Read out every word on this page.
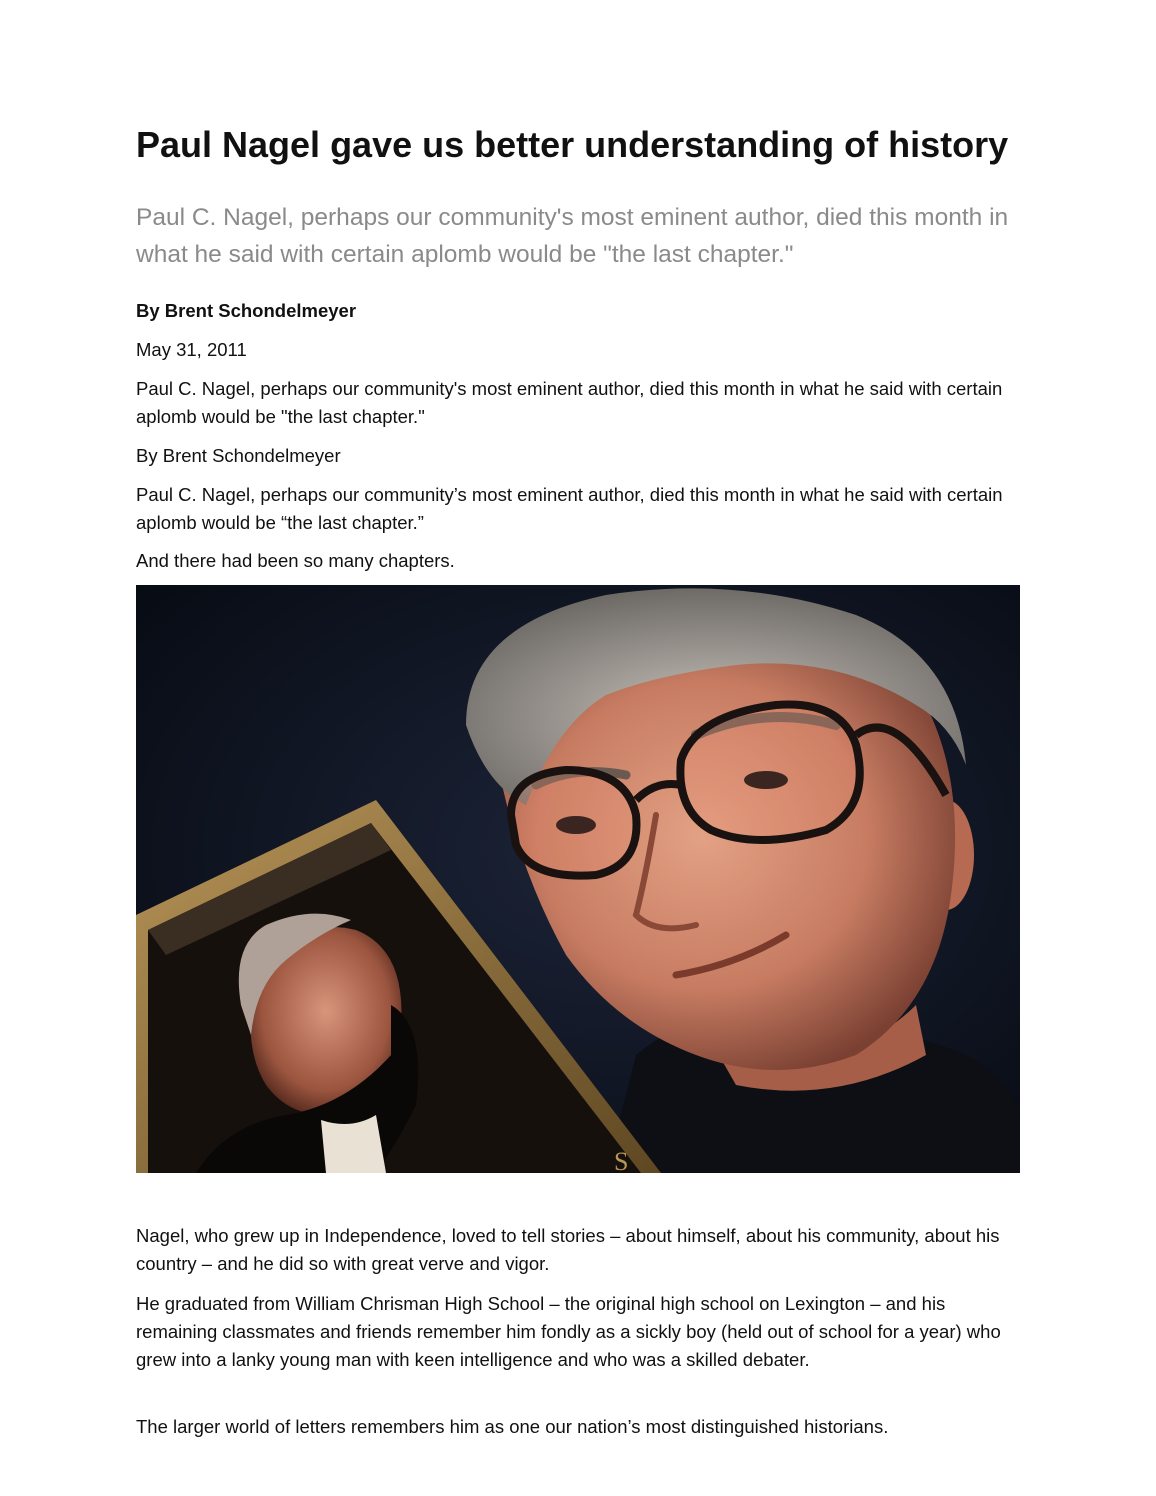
Paul Nagel gave us better understanding of history

Paul C. Nagel, perhaps our community's most eminent author, died this month in what he said with certain aplomb would be "the last chapter."

By Brent Schondelmeyer

May 31, 2011

Paul C. Nagel, perhaps our community's most eminent author, died this month in what he said with certain aplomb would be "the last chapter."

By Brent Schondelmeyer

Paul C. Nagel, perhaps our community’s most eminent author, died this month in what he said with certain aplomb would be “the last chapter.”

And there had been so many chapters.

Nagel, who grew up in Independence, loved to tell stories – about himself, about his community, about his country – and he did so with great verve and vigor.

He graduated from William Chrisman High School – the original high school on Lexington – and his remaining classmates and friends remember him fondly as a sickly boy (held out of school for a year) who grew into a lanky young man with keen intelligence and who was a skilled debater.

The larger world of letters remembers him as one our nation’s most distinguished historians.

S
